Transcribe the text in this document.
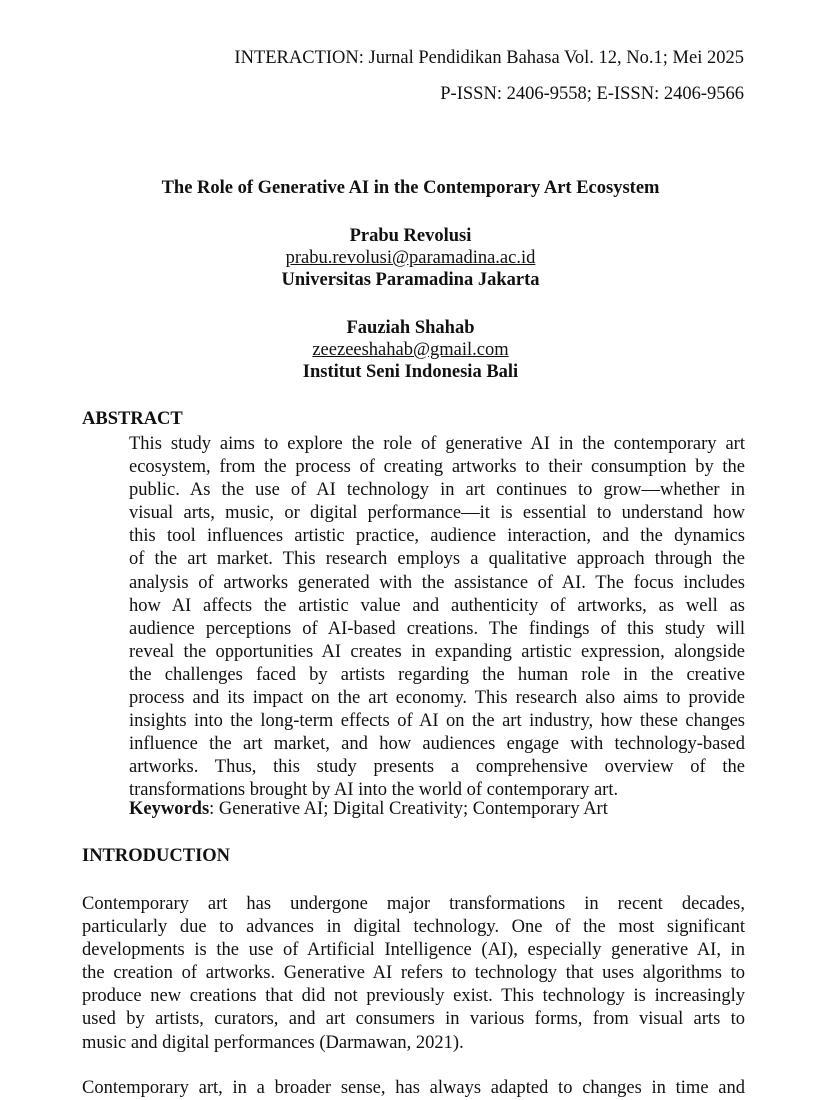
INTERACTION: Jurnal Pendidikan Bahasa Vol. 12, No.1; Mei 2025
P-ISSN: 2406-9558; E-ISSN: 2406-9566
The Role of Generative AI in the Contemporary Art Ecosystem
Prabu Revolusi
prabu.revolusi@paramadina.ac.id
Universitas Paramadina Jakarta
Fauziah Shahab
zeezeeshahab@gmail.com
Institut Seni Indonesia Bali
ABSTRACT
This study aims to explore the role of generative AI in the contemporary art
ecosystem, from the process of creating artworks to their consumption by the
public. As the use of AI technology in art continues to grow—whether in
visual arts, music, or digital performance—it is essential to understand how
this tool influences artistic practice, audience interaction, and the dynamics
of the art market. This research employs a qualitative approach through the
analysis of artworks generated with the assistance of AI. The focus includes
how AI affects the artistic value and authenticity of artworks, as well as
audience perceptions of AI-based creations. The findings of this study will
reveal the opportunities AI creates in expanding artistic expression, alongside
the challenges faced by artists regarding the human role in the creative
process and its impact on the art economy. This research also aims to provide
insights into the long-term effects of AI on the art industry, how these changes
influence the art market, and how audiences engage with technology-based
artworks. Thus, this study presents a comprehensive overview of the
transformations brought by AI into the world of contemporary art.
Keywords: Generative AI; Digital Creativity; Contemporary Art
INTRODUCTION
Contemporary art has undergone major transformations in recent decades,
particularly due to advances in digital technology. One of the most significant
developments is the use of Artificial Intelligence (AI), especially generative AI, in
the creation of artworks. Generative AI refers to technology that uses algorithms to
produce new creations that did not previously exist. This technology is increasingly
used by artists, curators, and art consumers in various forms, from visual arts to
music and digital performances (Darmawan, 2021).
Contemporary art, in a broader sense, has always adapted to changes in time and
